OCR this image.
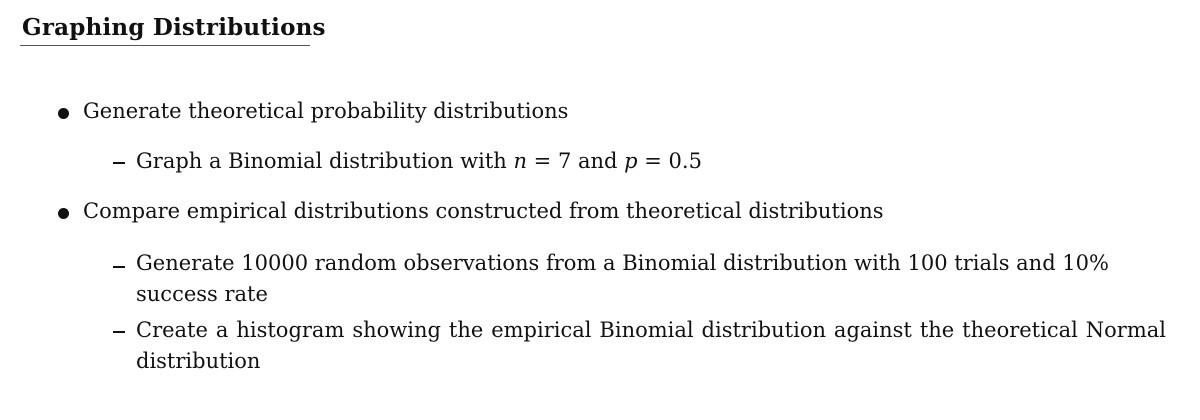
Graphing Distributions
Generate theoretical probability distributions
Graph a Binomial distribution with n = 7 and p = 0.5
Compare empirical distributions constructed from theoretical distributions
Generate 10000 random observations from a Binomial distribution with 100 trials and 10% success rate
Create a histogram showing the empirical Binomial distribution against the theoretical Normal distribution
